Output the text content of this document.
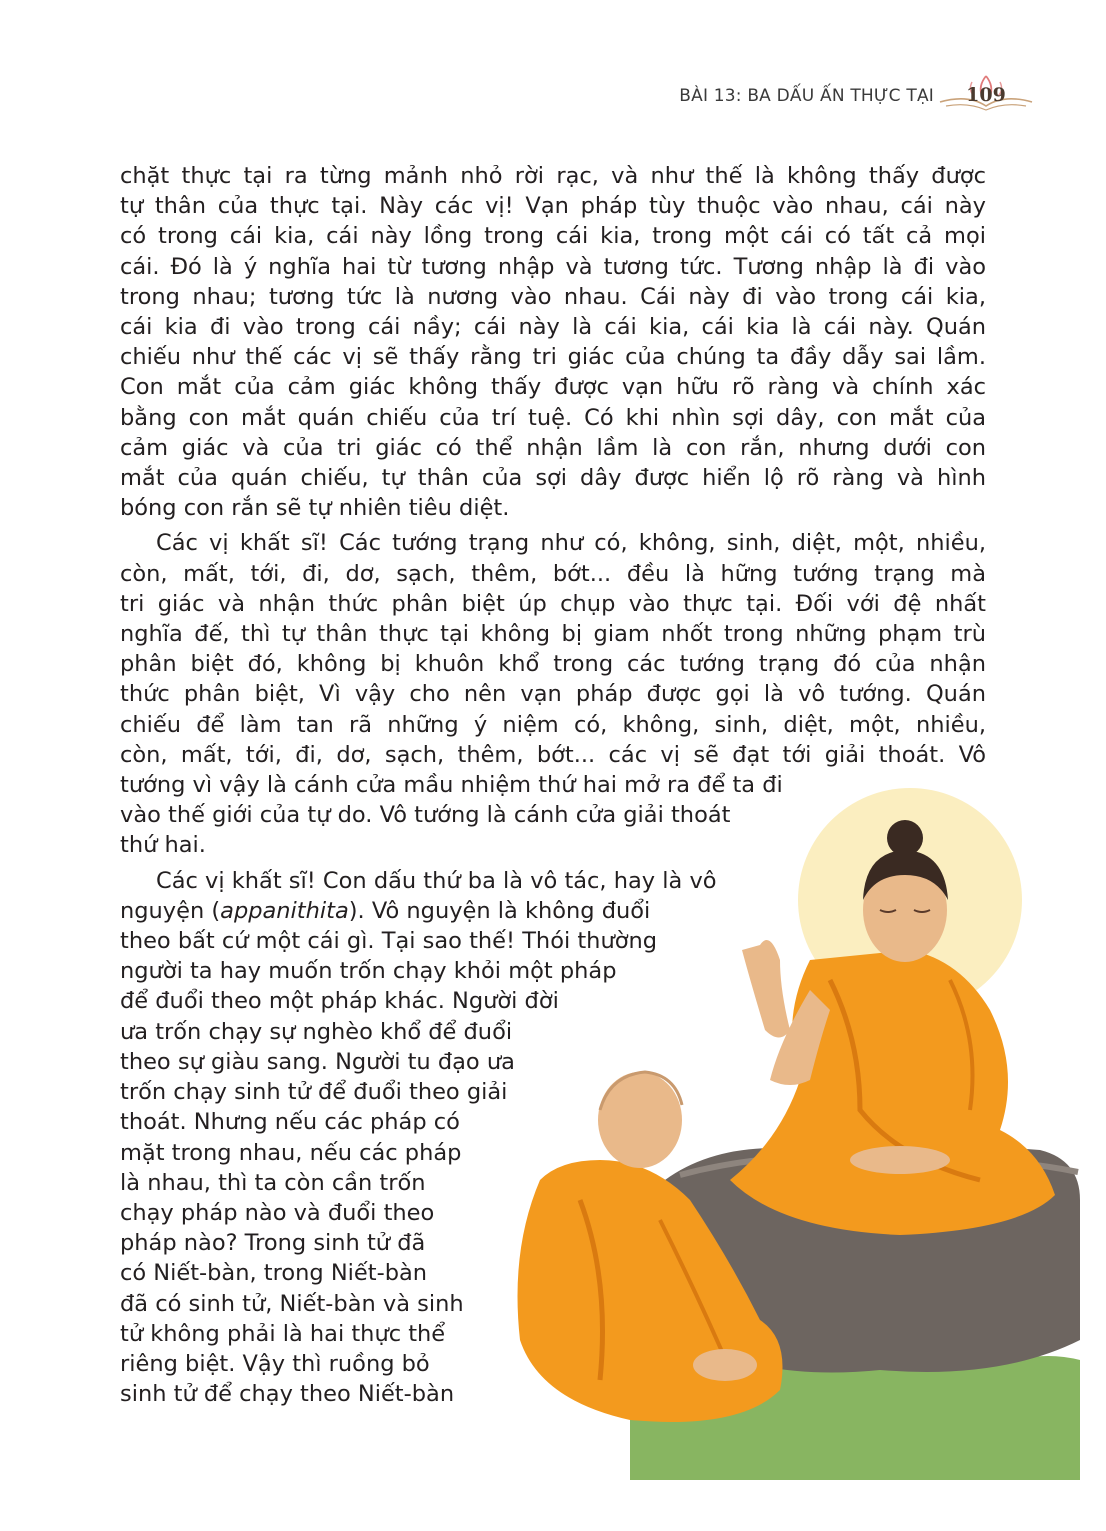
BÀI 13: BA DẤU ẤN THỰC TẠI 109

chặt thực tại ra từng mảnh nhỏ rời rạc, và như thế là không thấy được
tự thân của thực tại. Này các vị! Vạn pháp tùy thuộc vào nhau, cái này
có trong cái kia, cái này lồng trong cái kia, trong một cái có tất cả mọi
cái. Đó là ý nghĩa hai từ tương nhập và tương tức. Tương nhập là đi vào
trong nhau; tương tức là nương vào nhau. Cái này đi vào trong cái kia,
cái kia đi vào trong cái nầy; cái này là cái kia, cái kia là cái này. Quán
chiếu như thế các vị sẽ thấy rằng tri giác của chúng ta đầy dẫy sai lầm.
Con mắt của cảm giác không thấy được vạn hữu rõ ràng và chính xác
bằng con mắt quán chiếu của trí tuệ. Có khi nhìn sợi dây, con mắt của
cảm giác và của tri giác có thể nhận lầm là con rắn, nhưng dưới con
mắt của quán chiếu, tự thân của sợi dây được hiển lộ rõ ràng và hình
bóng con rắn sẽ tự nhiên tiêu diệt.

Các vị khất sĩ! Các tướng trạng như có, không, sinh, diệt, một, nhiều,
còn, mất, tới, đi, dơ, sạch, thêm, bớt... đều là hững tướng trạng mà
tri giác và nhận thức phân biệt úp chụp vào thực tại. Đối với đệ nhất
nghĩa đế, thì tự thân thực tại không bị giam nhốt trong những phạm trù
phân biệt đó, không bị khuôn khổ trong các tướng trạng đó của nhận
thức phân biệt, Vì vậy cho nên vạn pháp được gọi là vô tướng. Quán
chiếu để làm tan rã những ý niệm có, không, sinh, diệt, một, nhiều,
còn, mất, tới, đi, dơ, sạch, thêm, bớt... các vị sẽ đạt tới giải thoát. Vô
tướng vì vậy là cánh cửa mầu nhiệm thứ hai mở ra để ta đi
vào thế giới của tự do. Vô tướng là cánh cửa giải thoát
thứ hai.

Các vị khất sĩ! Con dấu thứ ba là vô tác, hay là vô
nguyện (appanithita). Vô nguyện là không đuổi
theo bất cứ một cái gì. Tại sao thế! Thói thường
người ta hay muốn trốn chạy khỏi một pháp
để đuổi theo một pháp khác. Người đời
ưa trốn chạy sự nghèo khổ để đuổi
theo sự giàu sang. Người tu đạo ưa
trốn chạy sinh tử để đuổi theo giải
thoát. Nhưng nếu các pháp có
mặt trong nhau, nếu các pháp
là nhau, thì ta còn cần trốn
chạy pháp nào và đuổi theo
pháp nào? Trong sinh tử đã
có Niết-bàn, trong Niết-bàn
đã có sinh tử, Niết-bàn và sinh
tử không phải là hai thực thể
riêng biệt. Vậy thì ruồng bỏ
sinh tử để chạy theo Niết-bàn
